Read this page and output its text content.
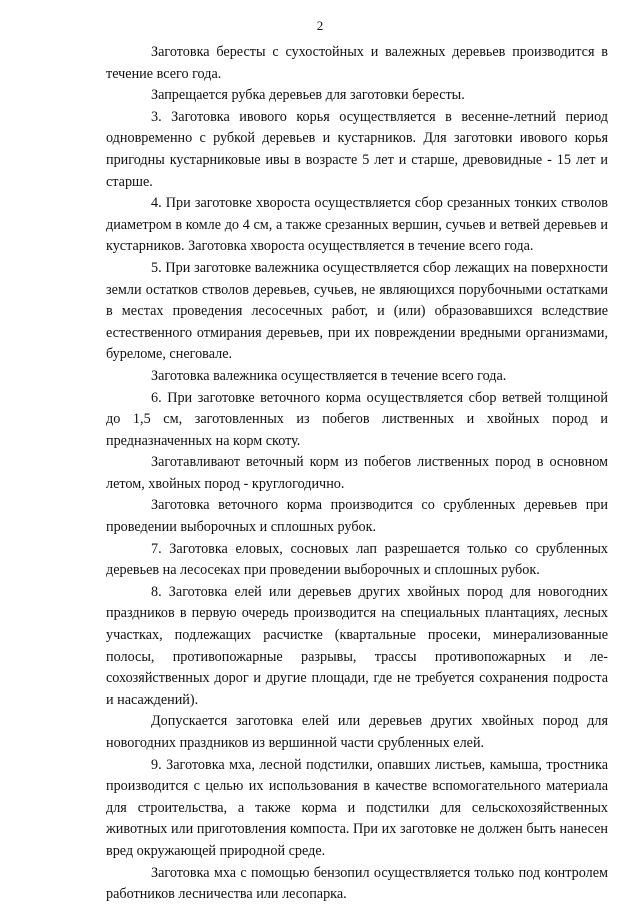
2

Заготовка бересты с сухостойных и валежных деревьев производится в течение всего года.

Запрещается рубка деревьев для заготовки бересты.

3. Заготовка ивового корья осуществляется в весенне-летний период одновременно с рубкой деревьев и кустарников. Для заготовки ивового корья пригодны кустарниковые ивы в возрасте 5 лет и старше, древовидные - 15 лет и старше.

4. При заготовке хвороста осуществляется сбор срезанных тонких стволов диаметром в комле до 4 см, а также срезанных вершин, сучьев и ветвей деревьев и кустарников. Заготовка хвороста осуществляется в течение всего года.

5. При заготовке валежника осуществляется сбор лежащих на поверхности земли остатков стволов деревьев, сучьев, не являющихся порубочными остатками в местах проведения лесосечных работ, и (или) образовавшихся вследствие естественного отмирания деревьев, при их повреждении вредными организмами, буреломе, снеговале.

Заготовка валежника осуществляется в течение всего года.

6. При заготовке веточного корма осуществляется сбор ветвей толщиной до 1,5 см, заготовленных из побегов лиственных и хвойных пород и предназначенных на корм скоту.

Заготавливают веточный корм из побегов лиственных пород в основном летом, хвойных пород - круглогодично.

Заготовка веточного корма производится со срубленных деревьев при проведении выборочных и сплошных рубок.

7. Заготовка еловых, сосновых лап разрешается только со срубленных деревьев на лесосеках при проведении выборочных и сплошных рубок.

8. Заготовка елей или деревьев других хвойных пород для новогодних праздников в первую очередь производится на специальных плантациях, лесных участках, подлежащих расчистке (квартальные просеки, минерализованные полосы, противопожарные разрывы, трассы противопожарных и лесохозяйственных дорог и другие площади, где не требуется сохранения подроста и насаждений).

Допускается заготовка елей или деревьев других хвойных пород для новогодних праздников из вершинной части срубленных елей.

9. Заготовка мха, лесной подстилки, опавших листьев, камыша, тростника производится с целью их использования в качестве вспомогательного материала для строительства, а также корма и подстилки для сельскохозяйственных животных или приготовления компоста. При их заготовке не должен быть нанесен вред окружающей природной среде.

Заготовка мха с помощью бензопил осуществляется только под контролем работников лесничества или лесопарка.
